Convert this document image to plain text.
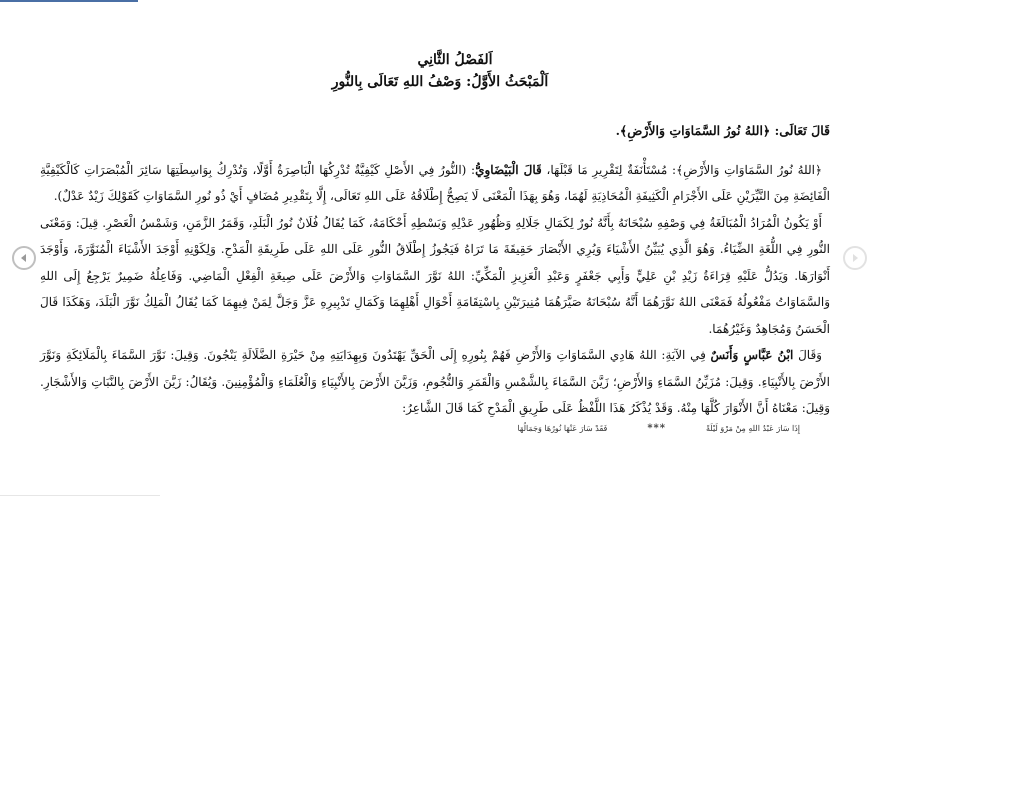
اَلفَصْلُ الثَّانِي
اَلْمَبْحَثُ الأَوَّلُ: وَصْفُ اللهِ تَعَالَى بِالنُّورِ

قَالَ تَعَالَى: ﴿اللهُ نُورُ السَّمَاوَاتِ وَالأَرْضِ﴾.

﴿اللهُ نُورُ السَّمَاوَاتِ وَالأَرْضِ﴾: مُسْتَأْنَفَةٌ لِتَقْرِيرِ مَا قَبْلَهَا، قَالَ الْبَيْضَاوِيُّ: (النُّورُ فِي الأَصْلِ كَيْفِيَّةٌ تُدْرِكُهَا الْبَاصِرَةُ أَوَّلًا، وَتُدْرِكُ بِوَاسِطَتِهَا سَائِرَ الْمُبْصَرَاتِ كَالْكَيْفِيَّةِ الْفَائِضَةِ مِنَ النَّيِّرَيْنِ عَلَى الأَجْرَامِ الْكَثِيفَةِ الْمُحَاذِيَةِ لَهُمَا، وَهُوَ بِهَذَا الْمَعْنَى لَا يَصِحُّ إِطْلَاقُهُ عَلَى اللهِ تَعَالَى، إِلَّا بِتَقْدِيرِ مُضَافٍ أَيْ ذُو نُورِ السَّمَاوَاتِ كَقَوْلِكَ زَيْدٌ عَدْلٌ).

أَوْ يَكُونُ الْمُرَادُ الْمُبَالَغَةُ فِي وَصْفِهِ سُبْحَانَهُ بِأَنَّهُ نُورٌ لِكَمَالِ جَلَالِهِ وَظُهُورِ عَدْلِهِ وَبَسْطِهِ أَحْكَامَهُ، كَمَا يُقَالُ فُلَانٌ نُورُ الْبَلَدِ، وَقَمَرُ الزَّمَنِ، وَشَمْسُ الْعَصْرِ. قِيلَ: وَمَعْنَى النُّورِ فِي اللُّغَةِ الضِّيَاءُ. وَهُوَ الَّذِي يُبَيِّنُ الأَشْيَاءَ وَيُرِي الأَبْصَارَ حَقِيقَةَ مَا تَرَاهُ فَيَجُوزُ إِطْلَاقُ النُّورِ عَلَى اللهِ عَلَى طَرِيقَةِ الْمَدْحِ. وَلِكَوْنِهِ أَوْجَدَ الأَشْيَاءَ الْمُنَوَّرَةَ، وَأَوْجَدَ أَنْوَارَهَا. وَيَدُلُّ عَلَيْهِ قِرَاءَةُ زَيْدِ بْنِ عَلِيٍّ وَأَبِي جَعْفَرٍ وَعَبْدِ الْعَزِيزِ الْمَكِّيِّ: اللهُ نَوَّرَ السَّمَاوَاتِ وَالأَرْضَ عَلَى صِيغَةِ الْفِعْلِ الْمَاضِي. وَفَاعِلُهُ ضَمِيرٌ يَرْجِعُ إِلَى اللهِ وَالسَّمَاوَاتُ مَفْعُولُهُ فَمَعْنَى اللهُ نَوَّرَهُمَا أَنَّهُ سُبْحَانَهُ صَيَّرَهُمَا مُنِيرَتَيْنِ بِاسْتِقَامَةِ أَحْوَالِ أَهْلِهِمَا وَكَمَالِ تَدْبِيرِهِ عَزَّ وَجَلَّ لِمَنْ فِيهِمَا كَمَا يُقَالُ الْمَلِكُ نَوَّرَ الْبَلَدَ، وَهَكَذَا قَالَ الْحَسَنُ وَمُجَاهِدٌ وَغَيْرُهُمَا.

وَقَالَ ابْنُ عَبَّاسٍ وَأَنَسٌ فِي الآيَةِ: اللهُ هَادِي السَّمَاوَاتِ وَالأَرْضِ فَهُمْ بِنُورِهِ إِلَى الْحَقِّ يَهْتَدُونَ وَبِهِدَايَتِهِ مِنْ حَيْرَةِ الضَّلَالَةِ يَنْجُونَ. وَقِيلَ: نَوَّرَ السَّمَاءَ بِالْمَلَائِكَةِ وَنَوَّرَ الأَرْضَ بِالأَنْبِيَاءِ. وَقِيلَ: مُزَيِّنُ السَّمَاءِ وَالأَرْضِ؛ زَيَّنَ السَّمَاءَ بِالشَّمْسِ وَالْقَمَرِ وَالنُّجُومِ، وَزَيَّنَ الأَرْضَ بِالأَنْبِيَاءِ وَالْعُلَمَاءِ وَالْمُؤْمِنِينَ. وَيُقَالُ: زَيَّنَ الأَرْضَ بِالنَّبَاتِ وَالأَشْجَارِ. وَقِيلَ: مَعْنَاهُ أَنَّ الأَنْوَارَ كُلَّهَا مِنْهُ. وَقَدْ يُذْكَرُ هَذَا اللَّفْظُ عَلَى طَرِيقِ الْمَدْحِ كَمَا قَالَ الشَّاعِرُ:

إِذَا سَارَ عَبْدُ اللهِ مِنْ مَرْوَ لَيْلَةً
***
فَقَدْ سَارَ عَنْهَا نُورُهَا وَجَمَالُهَا
